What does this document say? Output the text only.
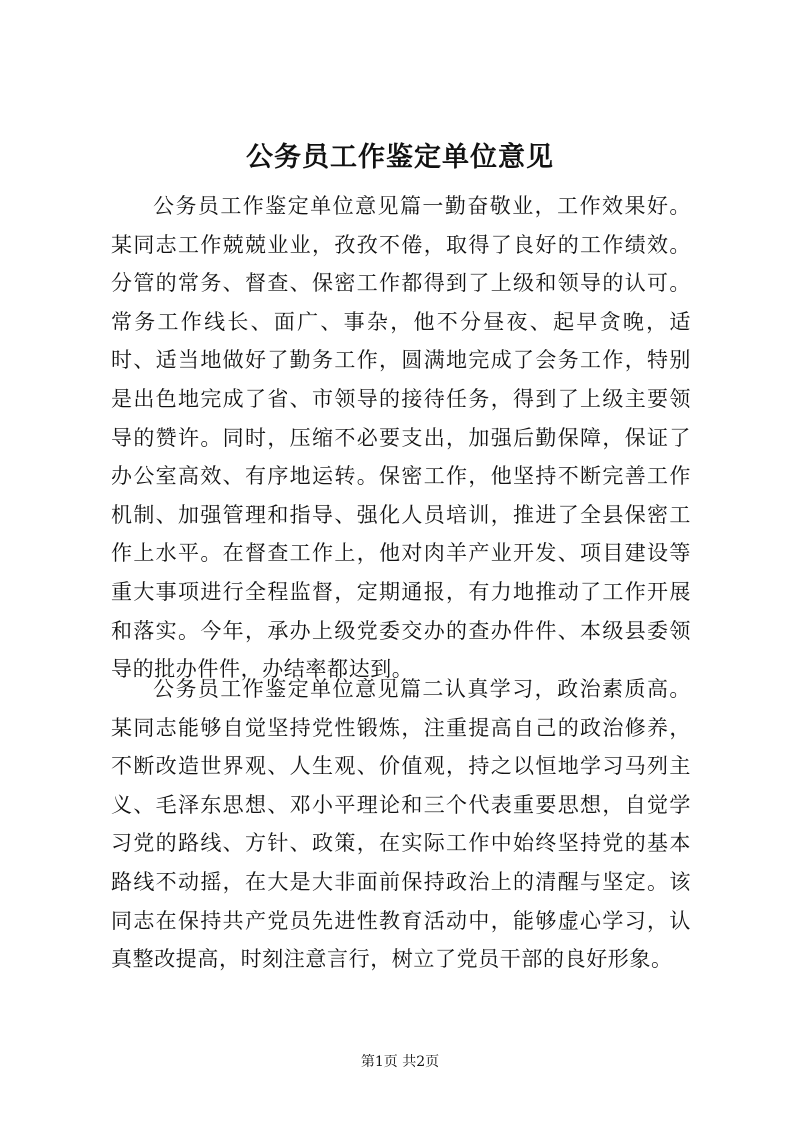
公务员工作鉴定单位意见

公务员工作鉴定单位意见篇一勤奋敬业，工作效果好。某同志工作兢兢业业，孜孜不倦，取得了良好的工作绩效。分管的常务、督查、保密工作都得到了上级和领导的认可。常务工作线长、面广、事杂，他不分昼夜、起早贪晚，适时、适当地做好了勤务工作，圆满地完成了会务工作，特别是出色地完成了省、市领导的接待任务，得到了上级主要领导的赞许。同时，压缩不必要支出，加强后勤保障，保证了办公室高效、有序地运转。保密工作，他坚持不断完善工作机制、加强管理和指导、强化人员培训，推进了全县保密工作上水平。在督查工作上，他对肉羊产业开发、项目建设等重大事项进行全程监督，定期通报，有力地推动了工作开展和落实。今年，承办上级党委交办的查办件件、本级县委领导的批办件件，办结率都达到。

公务员工作鉴定单位意见篇二认真学习，政治素质高。某同志能够自觉坚持党性锻炼，注重提高自己的政治修养，不断改造世界观、人生观、价值观，持之以恒地学习马列主义、毛泽东思想、邓小平理论和三个代表重要思想，自觉学习党的路线、方针、政策，在实际工作中始终坚持党的基本路线不动摇，在大是大非面前保持政治上的清醒与坚定。该同志在保持共产党员先进性教育活动中，能够虚心学习，认真整改提高，时刻注意言行，树立了党员干部的良好形象。

第1页 共2页
